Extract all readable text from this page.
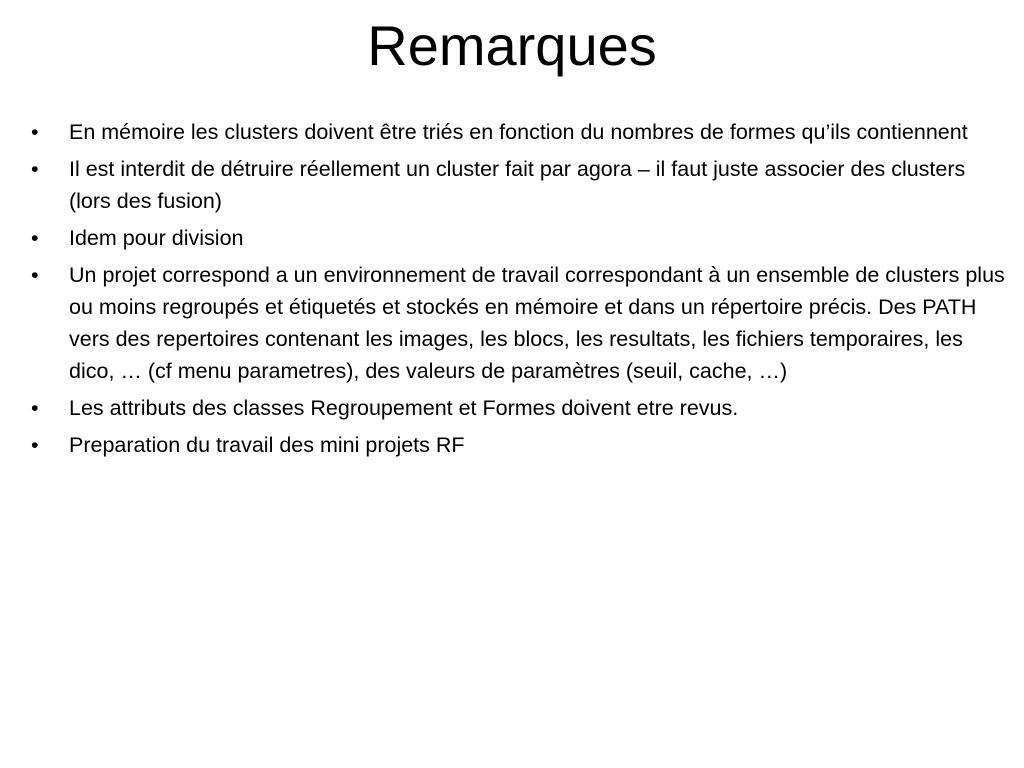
Remarques
• En mémoire les clusters doivent être triés en fonction du nombres de formes qu’ils contiennent
• Il est interdit de détruire réellement un cluster fait par agora – il faut juste associer des clusters (lors des fusion)
• Idem pour division
• Un projet correspond a un environnement de travail correspondant à un ensemble de clusters plus ou moins regroupés et étiquetés et stockés en mémoire et dans un répertoire précis. Des PATH vers des repertoires contenant les images, les blocs, les resultats, les fichiers temporaires, les dico, … (cf menu parametres), des valeurs de paramètres (seuil, cache, …)
• Les attributs des classes Regroupement et Formes doivent etre revus.
• Preparation du travail des mini projets RF
